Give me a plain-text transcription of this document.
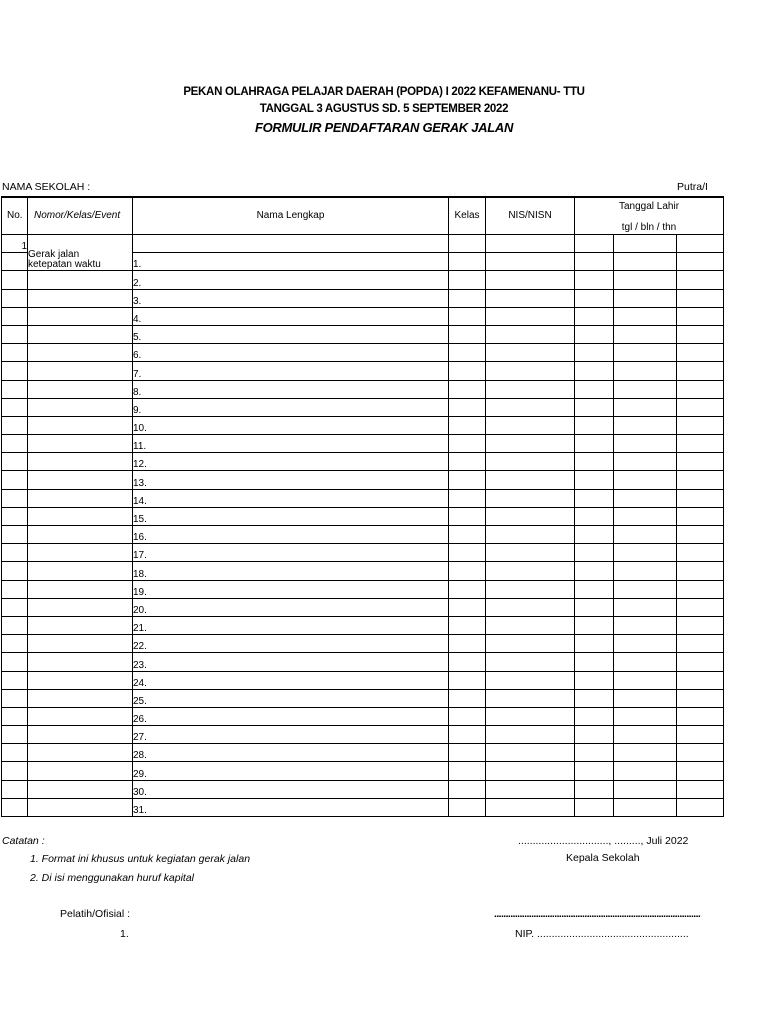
PEKAN OLAHRAGA PELAJAR DAERAH (POPDA) I 2022 KEFAMENANU- TTU
TANGGAL 3 AGUSTUS SD. 5 SEPTEMBER 2022
FORMULIR PENDAFTARAN GERAK JALAN
NAMA SEKOLAH :	Putra/I
No.	Nomor/Kelas/Event	Nama Lengkap	Kelas	NIS/NISN	Tanggal Lahir
tgl / bln / thn		

1	Gerak jalan
ketepatan waktu						
		1.					
		2.					
		3.					
		4.					
		5.					
		6.					
		7.					
		8.					
		9.					
		10.					
		11.					
		12.					
		13.					
		14.					
		15.					
		16.					
		17.					
		18.					
		19.					
		20.					
		21.					
		22.					
		23.					
		24.					
		25.					
		26.					
		27.					
		28.					
		29.					
		30.					
		31.					
Catatan :
1. Format ini khusus untuk kegiatan gerak jalan
2. Di isi menggunakan huruf kapital
..............................., ........., Juli 2022
Kepala Sekolah
Pelatih/Ofisial :
1.
.........................................................................................
NIP. ....................................................
